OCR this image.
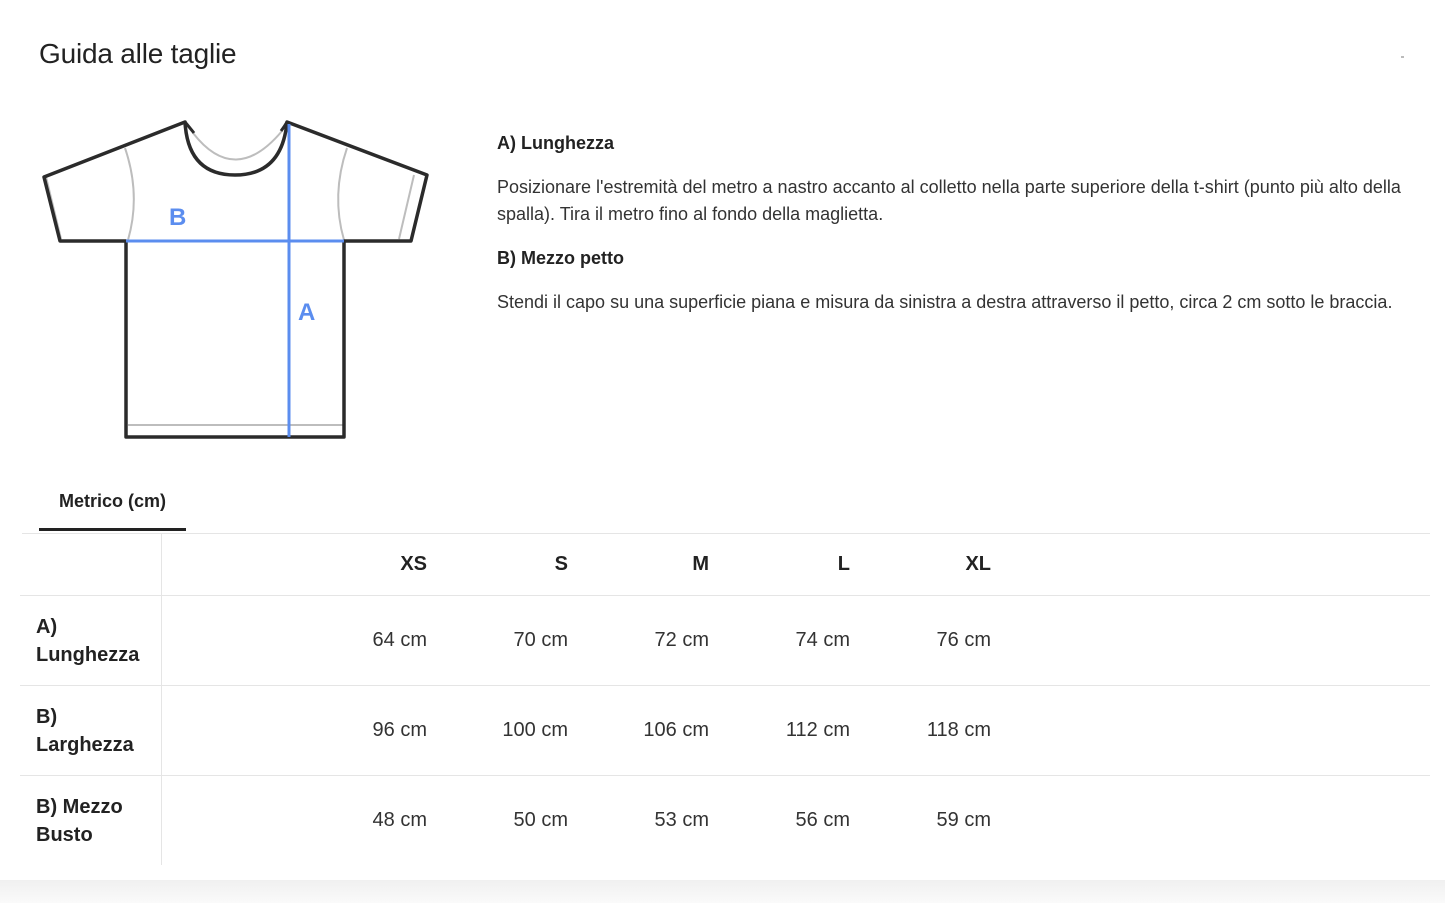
Guida alle taglie
B
A

A) Lunghezza

Posizionare l'estremità del metro a nastro accanto al colletto nella parte superiore della t-shirt (punto più alto della spalla). Tira il metro fino al fondo della maglietta.

B) Mezzo petto

Stendi il capo su una superficie piana e misura da sinistra a destra attraverso il petto, circa 2 cm sotto le braccia.

Metrico (cm)
	XS	S	M	L	XL	
A) Lunghezza	64 cm	70 cm	72 cm	74 cm	76 cm	
B) Larghezza	96 cm	100 cm	106 cm	112 cm	118 cm	
B) Mezzo Busto	48 cm	50 cm	53 cm	56 cm	59 cm	
